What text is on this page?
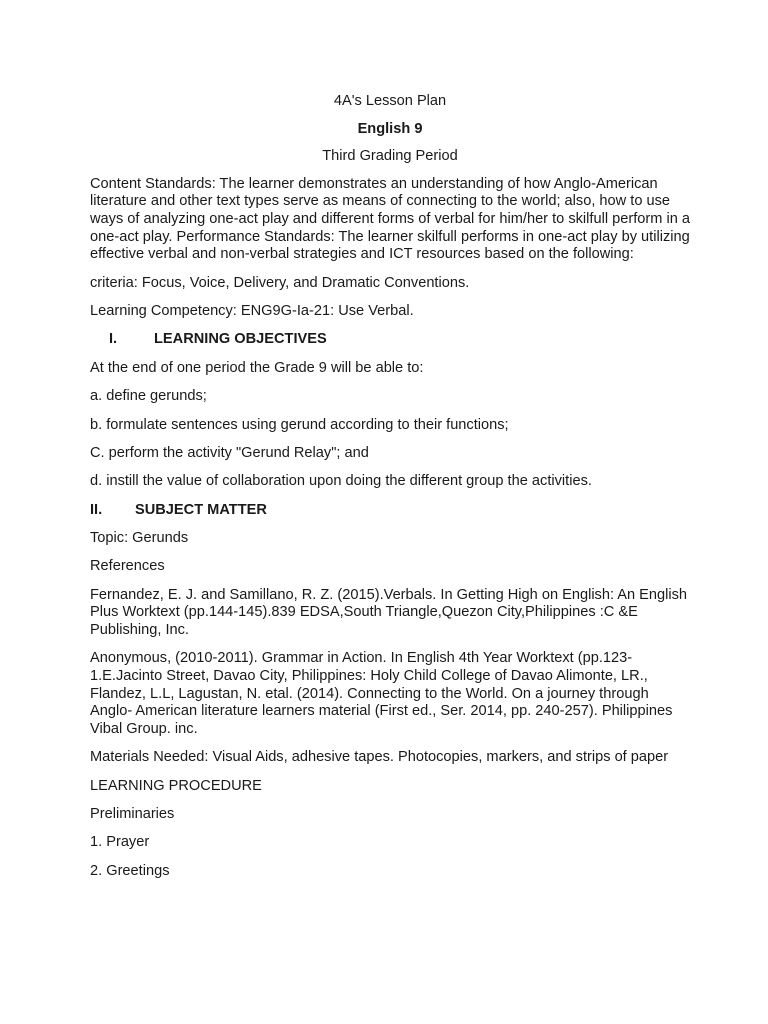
4A's Lesson Plan

English 9

Third Grading Period

Content Standards: The learner demonstrates an understanding of how Anglo-American literature and other text types serve as means of connecting to the world; also, how to use ways of analyzing one-act play and different forms of verbal for him/her to skilfull perform in a one-act play. Performance Standards: The learner skilfull performs in one-act play by utilizing effective verbal and non-verbal strategies and ICT resources based on the following:

criteria: Focus, Voice, Delivery, and Dramatic Conventions.

Learning Competency: ENG9G-Ia-21: Use Verbal.

I.	LEARNING OBJECTIVES

At the end of one period the Grade 9 will be able to:

a. define gerunds;

b. formulate sentences using gerund according to their functions;

C. perform the activity "Gerund Relay"; and

d. instill the value of collaboration upon doing the different group the activities.

II.	SUBJECT MATTER

Topic: Gerunds

References

Fernandez, E. J. and Samillano, R. Z. (2015).Verbals. In Getting High on English: An English Plus Worktext (pp.144-145).839 EDSA,South Triangle,Quezon City,Philippines :C &E Publishing, Inc.

Anonymous, (2010-2011). Grammar in Action. In English 4th Year Worktext (pp.123-1.E.Jacinto Street, Davao City, Philippines: Holy Child College of Davao Alimonte, LR., Flandez, L.L, Lagustan, N. etal. (2014). Connecting to the World. On a journey through Anglo- American literature learners material (First ed., Ser. 2014, pp. 240-257). Philippines Vibal Group. inc.

Materials Needed: Visual Aids, adhesive tapes. Photocopies, markers, and strips of paper

LEARNING PROCEDURE

Preliminaries

1. Prayer

2. Greetings
